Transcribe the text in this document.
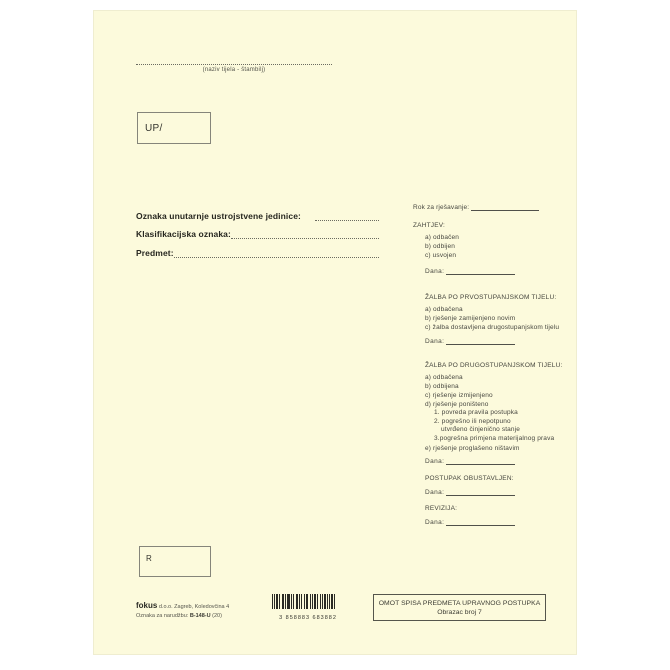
(naziv tijela - štambilj)
UP/
Oznaka unutarnje ustrojstvene jedinice:
Klasifikacijska oznaka:
Predmet:
Rok za rješavanje:
ZAHTJEV:
a) odbačen
b) odbijen
c) usvojen
Dana:
ŽALBA PO PRVOSTUPANJSKOM TIJELU:
a) odbačena
b) rješenje zamijenjeno novim
c) žalba dostavljena drugostupanjskom tijelu
Dana:
ŽALBA PO DRUGOSTUPANJSKOM TIJELU:
a) odbačena
b) odbijena
c) rješenje izmijenjeno
d) rješenje poništeno
1. povreda pravila postupka
2. pogrešno ili nepotpuno
utvrđeno činjenično stanje
3.pogrešna primjena materijalnog prava
e) rješenje proglašeno ništavim
Dana:
POSTUPAK OBUSTAVLJEN:
Dana:
REVIZIJA:
Dana:
R
fokus d.o.o. Zagreb, Koledovčina 4
Oznaka za narudžbu: B-148-U (20)	3 858883 683882
OMOT SPISA PREDMETA UPRAVNOG POSTUPKA
Obrazac broj 7
